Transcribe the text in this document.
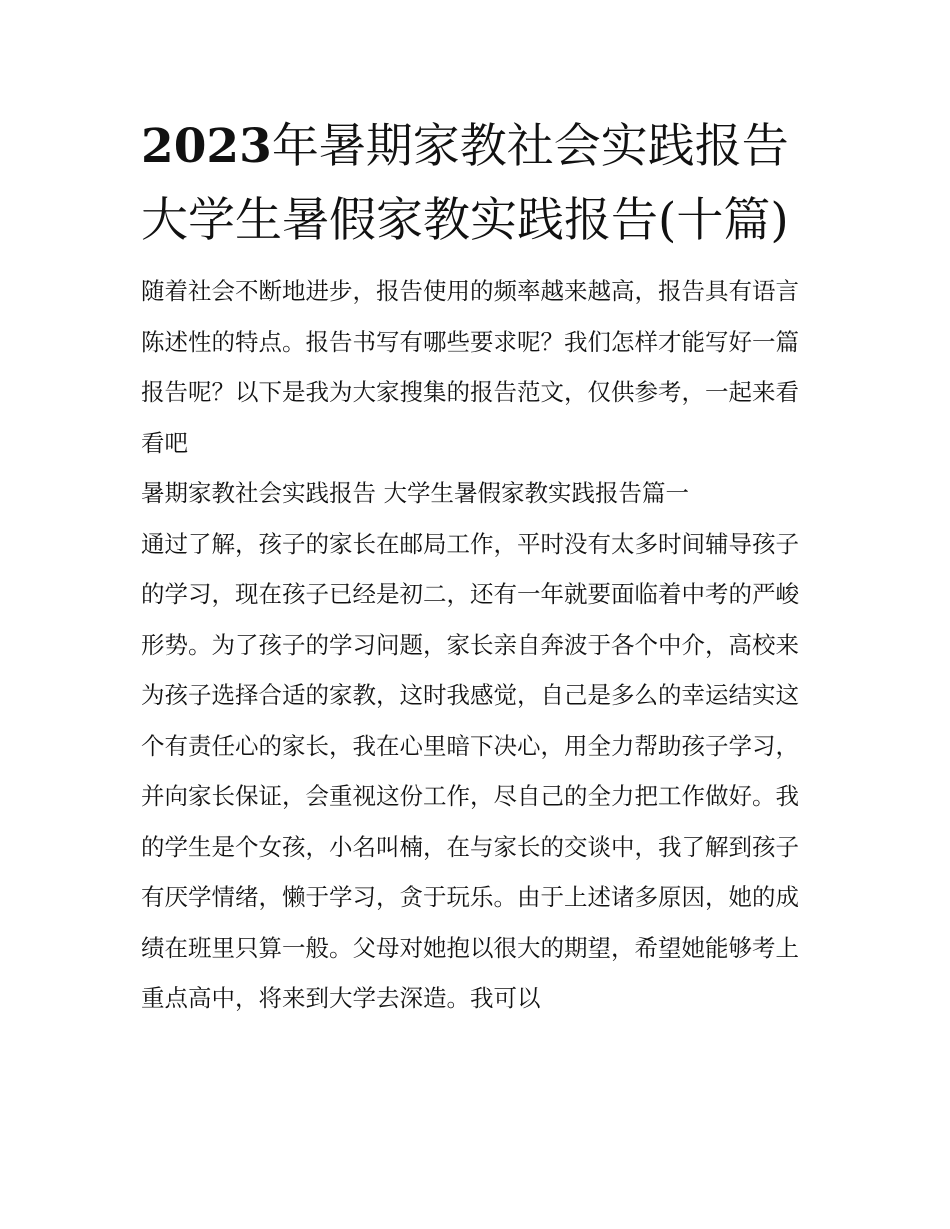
2023年暑期家教社会实践报告大学生暑假家教实践报告(十篇)

随着社会不断地进步，报告使用的频率越来越高，报告具有语言陈述性的特点。报告书写有哪些要求呢？我们怎样才能写好一篇报告呢？以下是我为大家搜集的报告范文，仅供参考，一起来看看吧

暑期家教社会实践报告 大学生暑假家教实践报告篇一

通过了解，孩子的家长在邮局工作，平时没有太多时间辅导孩子的学习，现在孩子已经是初二，还有一年就要面临着中考的严峻形势。为了孩子的学习问题，家长亲自奔波于各个中介，高校来为孩子选择合适的家教，这时我感觉，自己是多么的幸运结实这个有责任心的家长，我在心里暗下决心，用全力帮助孩子学习，并向家长保证，会重视这份工作，尽自己的全力把工作做好。我的学生是个女孩，小名叫楠，在与家长的交谈中，我了解到孩子有厌学情绪，懒于学习，贪于玩乐。由于上述诸多原因，她的成绩在班里只算一般。父母对她抱以很大的期望，希望她能够考上重点高中，将来到大学去深造。我可以
